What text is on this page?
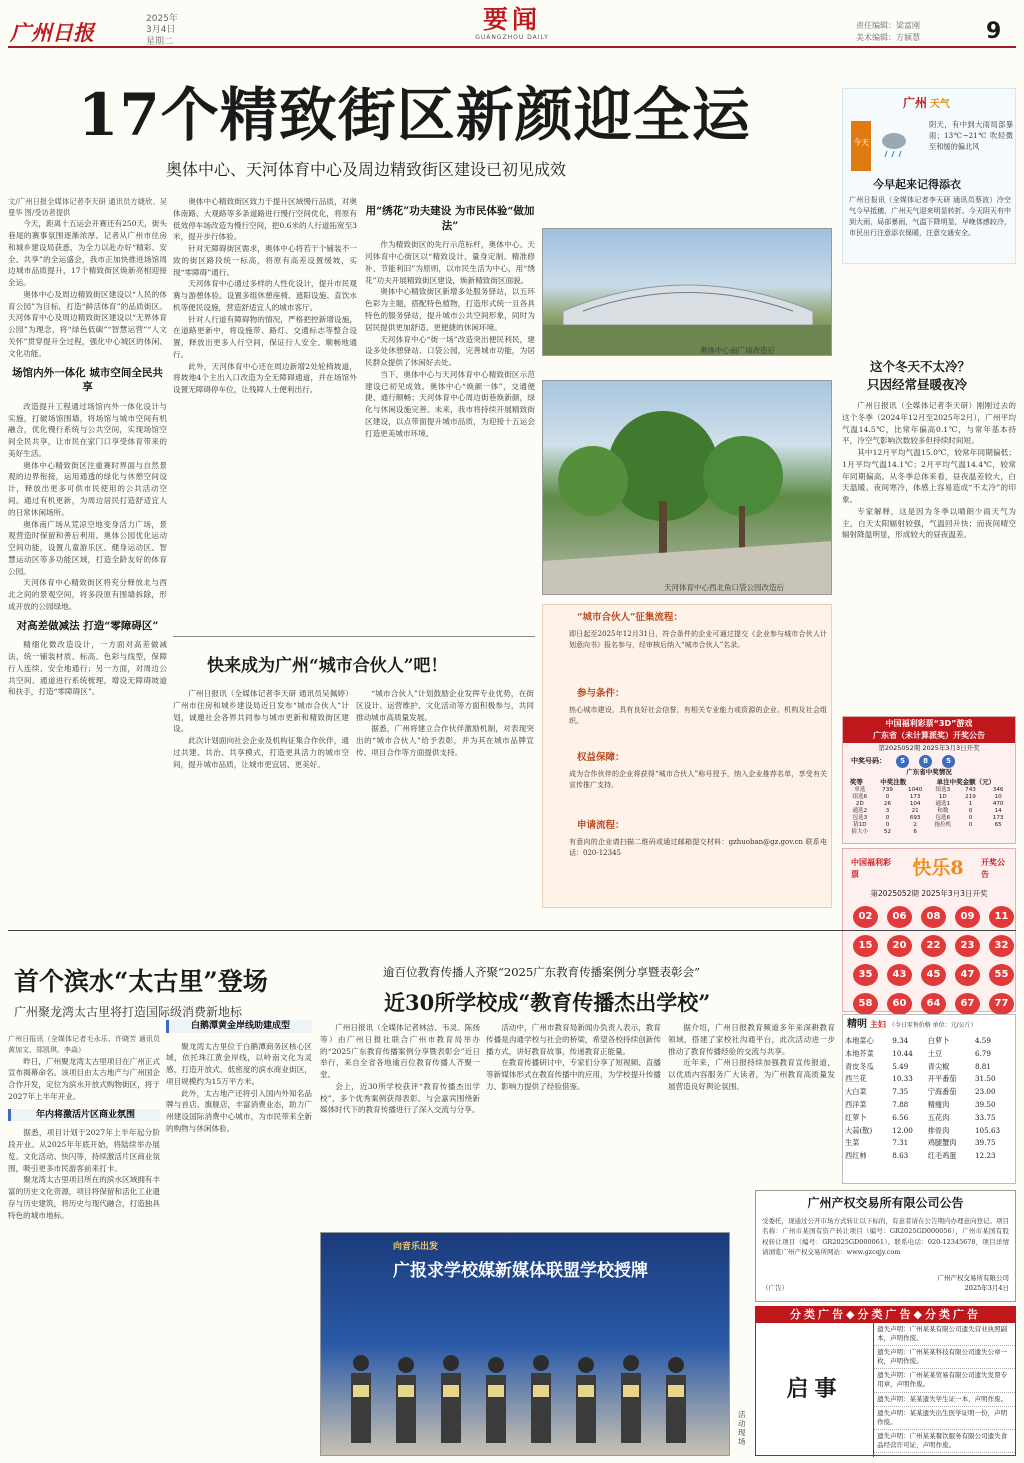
广州日报
2025年
3月4日
星期二
要闻
GUANGZHOU DAILY
责任编辑：梁富刚
美术编辑：方颖慧	9
17个精致街区新颜迎全运
奥体中心、天河体育中心及周边精致街区建设已初见成效

文/广州日报全媒体记者李天研 通讯员方婕欣、吴曼华 图/受访者提供

今天，距离十五运会开赛还有250天，街头巷尾的赛事氛围逐渐浓厚。记者从广州市住房和城乡建设局获悉，为全力以赴办好“精彩、安全、共享”的全运盛会，我市正加快推进场馆周边城市品质提升，17个精致街区焕新亮相迎接全运。

奥体中心及周边精致街区建设以“人民的体育公园”为目标，打造“鲜活体育”的品质街区。天河体育中心及周边精致街区建设以“无界体育公园”为理念，将“绿色低碳”“智慧运营”“人文关怀”贯穿提升全过程，强化中心城区的体闲、文化功能。

场馆内外一体化 城市空间全民共享

改造提升工程通过场馆内外一体化设计与实施，打破场馆围墙，将场馆与城市空间有机融合，优化慢行系统与公共空间，实现场馆空间全民共享，让市民在家门口享受体育带来的美好生活。

奥体中心精致街区注重赛时界面与自然景观的边界衔接，运用通透的绿化与休憩空间设计，释放出更多可供市民使用的公共活动空间。通过有机更新，为周边居民打造舒适宜人的日常休闲场所。

奥体南广场从荒凉空地变身活力广场，景观营造时保留和善后利用。奥体公园优化运动空间功能，设置儿童游乐区、健身运动区、智慧运动区等多功能区域，打造全龄友好的体育公园。

天河体育中心精致街区将充分释放北与西北之间的景观空间，将多段原有围墙拆除，形成开放的公园绿地。

对高差做减法 打造“零障碍区”

精细化微改造设计，一方面对高差做减法，统一铺装材质、标高、色彩与线型，保障行人连续、安全地通行；另一方面，对周边公共空间、通道进行系统梳理，增设无障碍坡道和扶手，打造“零障碍区”。

奥体中心精致街区致力于提升区域慢行品质，对奥体南路、大观路等多条道路进行慢行空间优化，将原有低效停车场改造为慢行空间，把0.6米的人行道拓宽至3米，提升步行体验。

针对无障碍街区需求，奥体中心将若干个铺装不一致的街区路段统一标高，将原有高差设置缓坡，实现“零障碍”通行。

天河体育中心通过多样的人性化设计，提升市民观赛与游憩体验。设置多组休憩座椅、遮阳设施、直饮水机等便民设施，营造舒适宜人的城市客厅。

针对人行道有障碍物的情况，严格把控新增设施，在道路更新中，将设施带、路灯、交通标志等整合设置，释放出更多人行空间，保证行人安全、顺畅地通行。

此外，天河体育中心还在周边新增2处轮椅坡道，将坡地4个主出入口改造为全无障碍通道，并在场馆外设置无障碍停车位，让残障人士便利出行。

用“绣花”功夫建设 为市民体验“做加法”

作为精致街区的先行示范标杆，奥体中心、天河体育中心街区以“精致设计、量身定制、精准修补、节能利旧”为原则，以市民生活为中心，用“绣花”功夫开展精致街区建设，焕新精致街区面貌。

奥体中心精致街区新增多处服务驿站，以五环色彩为主题，搭配特色植物，打造形式统一且各具特色的服务驿站，提升城市公共空间形象，同时为居民提供更加舒适、更便捷的休闲环境。

天河体育中心“街一场”改造突出便民利民，建设多处休憩驿站、口袋公园，完善城市功能，为居民群众提供了休闲好去处。

当下，奥体中心与天河体育中心精致街区示范建设已初见成效。奥体中心“焕颜一体”，交通便捷、通行顺畅；天河体育中心周边街巷焕新颜，绿化与休闲设施完善。未来，我市将持续开展精致街区建设，以点带面提升城市品质，为迎接十五运会打造更美城市环境。

奥体中心南广场改造后
天河体育中心西北角口袋公园改造后
快来成为广州“城市合伙人”吧！

广州日报讯（全媒体记者李天研 通讯员吴佩婷）广州市住房和城乡建设局近日发布“城市合伙人”计划，诚邀社会各界共同参与城市更新和精致街区建设。

此次计划面向社会企业及机构征集合作伙伴，通过共建、共治、共享模式，打造更具活力的城市空间，提升城市品质，让城市更宜居、更美好。

“城市合伙人”计划鼓励企业发挥专业优势，在街区设计、运营维护、文化活动等方面积极参与，共同推动城市高质量发展。

据悉，广州将建立合作伙伴激励机制，对表现突出的“城市合伙人”给予表彰，并为其在城市品牌宣传、项目合作等方面提供支持。

“城市合伙人”征集流程：
即日起至2025年12月31日，符合条件的企业可通过提交《企业参与城市合伙人计划意向书》报名参与，经审核后纳入“城市合伙人”名录。
参与条件：
热心城市建设，具有良好社会信誉，有相关专业能力或资源的企业、机构及社会组织。
权益保障：
成为合作伙伴的企业将获得“城市合伙人”称号授予，纳入企业推荐名单，享受有关宣传推广支持。
申请流程：
有意向的企业请扫描二维码或通过邮箱提交材料：gzhuoban@gz.gov.cn 联系电话：020-12345
广州 天气
今天
阴天，有中到大雨局部暴雨；13℃~21℃ 吹轻微至和缓的偏北风
今早起来记得添衣
广州日报讯（全媒体记者李天研 通讯员蔡波）冷空气今早抵穗，广州天气迎来明显转折。今天阴天有中到大雨，局部暴雨，气温下降明显，早晚体感较冷，市民出行注意添衣保暖，注意交通安全。
这个冬天不太冷？
只因经常昼暖夜冷

广州日报讯（全媒体记者李天研）刚刚过去的这个冬季（2024年12月至2025年2月），广州平均气温14.5℃，比常年偏高0.1℃，与常年基本持平，冷空气影响次数较多但持续时间短。

其中12月平均气温15.0℃，较常年同期偏低；1月平均气温14.1℃；2月平均气温14.4℃，较常年同期偏高。从冬季总体来看，昼夜温差较大，白天温暖、夜间寒冷，体感上容易造成“不太冷”的印象。

专家解释，这是因为冬季以晴朗少雨天气为主，白天太阳辐射较强，气温回升快；而夜间晴空辐射降温明显，形成较大的昼夜温差。

中国福利彩票“3D”游戏
广东省（未计算派奖）开奖公告
第2025052期 2025年3月3日开奖
中奖号码：	5	8	5
广东省中奖情况
奖等	中奖注数	单注中奖金额（元）
单选	739	1040	组选3	743	346
组选6	0	173	1D	219	10
2D	26	104	通选1	1	470
通选2	3	21	和数	0	14
包选3	0	693	包选6	0	173
猜1D	0	2	拖拉机	0	65
猜大小	52	6
中国福利彩票	快乐8 开奖公告
第2025052期 2025年3月3日开奖
02	06	08	09	11
15	20	22	23	32
35	43	45	47	55
58	60	64	67	77
精明 主妇 （今日零售价格 单位：元/公斤）
本地菜心	9.34	白萝卜	4.59
本地芥菜	10.44	土豆	6.79
青皮冬瓜	5.49	青尖椒	8.81
西兰花	10.33	开平番茄	31.50
大白菜	7.35	宁海番茄	23.00
西洋菜	7.88	精瘦肉	39.50
红萝卜	6.56	五花肉	33.75
大蒜(散)	12.00	排骨肉	105.63
生菜	7.31	鸡腿蟹肉	39.75
西红柿	8.63	红毛鸡蛋	12.23
首个滨水“太古里”登场
广州聚龙湾太古里将打造国际级消费新地标

广州日报讯（全媒体记者毛永乐、许晓芳 通讯员黄加文、郑凯琪、李焱）

昨日，广州聚龙湾太古里项目在广州正式宣布揭幕命名。该项目由太古地产与广州国企合作开发，定位为滨水开放式购物街区，将于2027年上半年开业。

年内将激活片区商业氛围

据悉，项目计划于2027年上半年起分阶段开业。从2025年年底开始，将陆续举办展览、文化活动、快闪等，持续激活片区商业氛围，吸引更多市民游客前来打卡。

聚龙湾太古里项目所在的滨水区域拥有丰富的历史文化资源，项目将保留和活化工业遗存与历史建筑，将历史与现代融合，打造独具特色的城市地标。

白鹅潭黄金岸线助建成型

聚龙湾太古里位于白鹅潭商务区核心区域，依托珠江黄金岸线，以岭南文化为灵感，打造开放式、低密度的滨水商业街区，项目规模约为15万平方米。

此外，太古地产还将引入国内外知名品牌与首店、旗舰店，丰富消费业态，助力广州建设国际消费中心城市，为市民带来全新的购物与休闲体验。

逾百位教育传播人齐聚“2025广东教育传播案例分享暨表彰会”
近30所学校成“教育传播杰出学校”

广州日报讯（全媒体记者林洁、韦灵、陈扬等）由广州日报社联合广州市教育局举办的“2025广东教育传播案例分享暨表彰会”近日举行，来自全省各地逾百位教育传播人齐聚一堂。

会上，近30所学校获评“教育传播杰出学校”，多个优秀案例获得表彰。与会嘉宾围绕新媒体时代下的教育传播进行了深入交流与分享。

活动中，广州市教育局新闻办负责人表示，教育传播是沟通学校与社会的桥梁，希望各校持续创新传播方式，讲好教育故事，传递教育正能量。

在教育传播研讨中，专家们分享了短视频、直播等新媒体形式在教育传播中的应用，为学校提升传播力、影响力提供了经验借鉴。

据介绍，广州日报教育频道多年来深耕教育领域，搭建了家校社沟通平台，此次活动进一步推动了教育传播经验的交流与共享。

近年来，广州日报持续加强教育宣传报道，以优质内容服务广大读者，为广州教育高质量发展营造良好舆论氛围。

向音乐出发
广报求学校媒新媒体联盟学校授牌
活动现场
广州产权交易所有限公司公告
受委托，现通过公开市场方式转让以下标的，有意者请在公告期内办理意向登记。项目名称：广州市某国有资产转让项目（编号：GR2025GD000056），广州市某国有股权转让项目（编号：GR2025GD000061）。联系电话：020-12345678，项目详情请浏览广州产权交易所网站：www.gzcqjy.com
广州产权交易所有限公司
（广告）	2025年3月4日
分类广告◆分类广告◆分类广告
启事
遗失声明：广州某某有限公司遗失营业执照副本，声明作废。
遗失声明：广州某某科技有限公司遗失公章一枚，声明作废。
遗失声明：广州某某贸易有限公司遗失发票专用章，声明作废。
遗失声明：某某遗失学生证一本，声明作废。
遗失声明：某某遗失出生医学证明一份，声明作废。
遗失声明：广州某某餐饮服务有限公司遗失食品经营许可证，声明作废。
